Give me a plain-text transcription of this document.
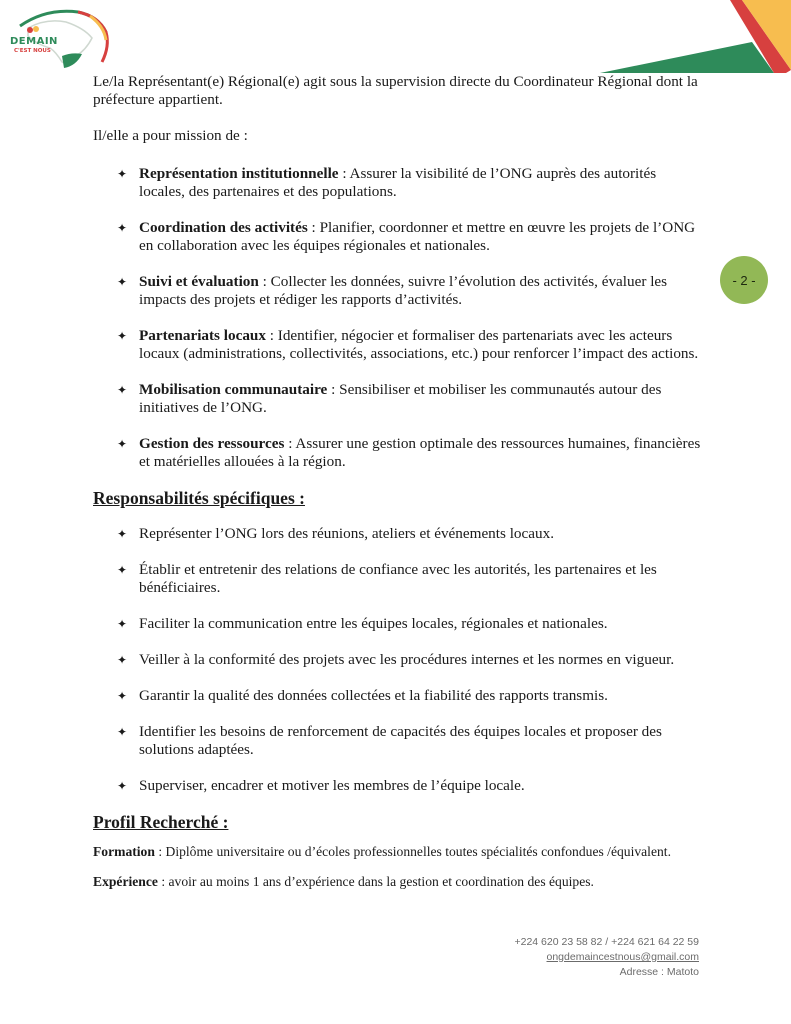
DEMAIN
C'EST NOUS
- 2 -

Le/la Représentant(e) Régional(e) agit sous la supervision directe du Coordinateur Régional dont la préfecture appartient.

Il/elle a pour mission de :

✦ Représentation institutionnelle : Assurer la visibilité de l’ONG auprès des autorités locales, des partenaires et des populations.
✦ Coordination des activités : Planifier, coordonner et mettre en œuvre les projets de l’ONG en collaboration avec les équipes régionales et nationales.
✦ Suivi et évaluation : Collecter les données, suivre l’évolution des activités, évaluer les impacts des projets et rédiger les rapports d’activités.
✦ Partenariats locaux : Identifier, négocier et formaliser des partenariats avec les acteurs locaux (administrations, collectivités, associations, etc.) pour renforcer l’impact des actions.
✦ Mobilisation communautaire : Sensibiliser et mobiliser les communautés autour des initiatives de l’ONG.
✦ Gestion des ressources : Assurer une gestion optimale des ressources humaines, financières et matérielles allouées à la région.

Responsabilités spécifiques :

✦ Représenter l’ONG lors des réunions, ateliers et événements locaux.
✦ Établir et entretenir des relations de confiance avec les autorités, les partenaires et les bénéficiaires.
✦ Faciliter la communication entre les équipes locales, régionales et nationales.
✦ Veiller à la conformité des projets avec les procédures internes et les normes en vigueur.
✦ Garantir la qualité des données collectées et la fiabilité des rapports transmis.
✦ Identifier les besoins de renforcement de capacités des équipes locales et proposer des solutions adaptées.
✦ Superviser, encadrer et motiver les membres de l’équipe locale.

Profil Recherché :

Formation : Diplôme universitaire ou d’écoles professionnelles toutes spécialités confondues /équivalent.

Expérience : avoir au moins 1 ans d’expérience dans la gestion et coordination des équipes.

+224 620 23 58 82 / +224 621 64 22 59
ongdemaincestnous@gmail.com
Adresse : Matoto
